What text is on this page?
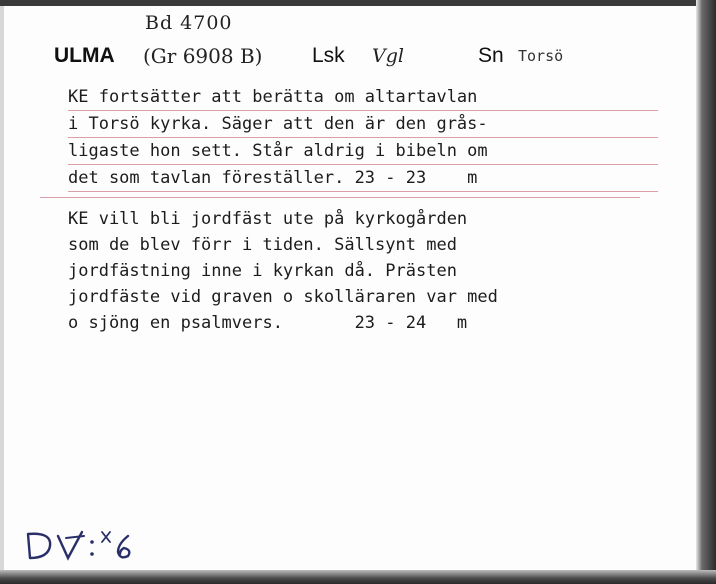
Bd 4700
ULMA (Gr 6908 B) Lsk Vgl	Sn Torsö
KE fortsätter att berätta om altartavlan
i Torsö kyrka. Säger att den är den grås-
ligaste hon sett. Står aldrig i bibeln om
det som tavlan föreställer. 23 - 23    m
KE vill bli jordfäst ute på kyrkogården
som de blev förr i tiden. Sällsynt med
jordfästning inne i kyrkan då. Prästen
jordfäste vid graven o skolläraren var med
o sjöng en psalmvers.       23 - 24   m
